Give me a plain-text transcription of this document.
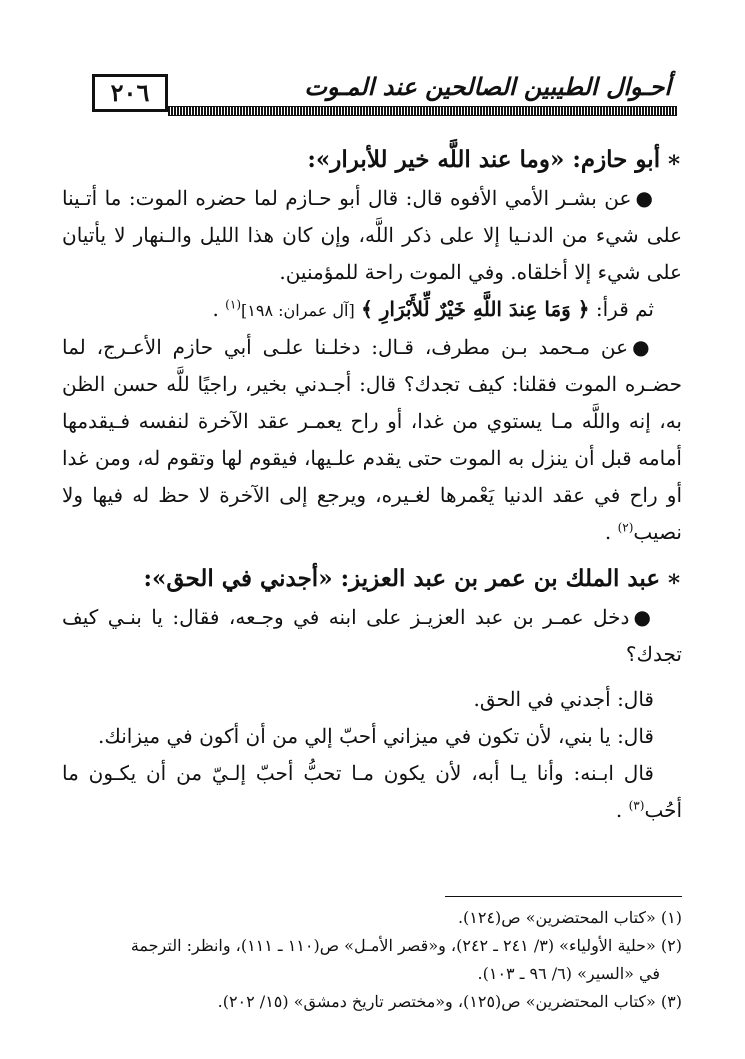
٢٠٦	أحـوال الطيبين الصالحين عند المـوت

∗أبو حازم: «وما عند اللَّه خير للأبرار»:

●عن بشـر الأمي الأفوه قال: قال أبو حـازم لما حضره الموت: ما أتـينا على شيء من الدنـيا إلا على ذكر اللَّه، وإن كان هذا الليل والـنهار لا يأتيان على شيء إلا أخلقاه. وفي الموت راحة للمؤمنين.

ثم قرأ: ﴿ وَمَا عِندَ اللَّهِ خَيْرٌ لِّلأَبْرَارِ ﴾ [آل عمران: ١٩٨]$^{(١)}$ .

●عن مـحمد بـن مطرف، قـال: دخلـنا علـى أبي حازم الأعـرج، لما حضـره الموت فقلنا: كيف تجدك؟ قال: أجـدني بخير، راجيًا للَّه حسن الظن به، إنه واللَّه مـا يستوي من غدا، أو راح يعمـر عقد الآخرة لنفسه فـيقدمها أمامه قبل أن ينزل به الموت حتى يقدم علـيها، فيقوم لها وتقوم له، ومن غدا أو راح في عقد الدنيا يَعْمرها لغـيره، ويرجع إلى الآخرة لا حظ له فيها ولا نصيب$^{(٢)}$ .

∗عبد الملك بن عمر بن عبد العزيز: «أجدني في الحق»:

●دخل عمـر بن عبد العزيـز على ابنه في وجـعه، فقال: يا بنـي كيف تجدك؟

قال: أجدني في الحق.

قال: يا بني، لأن تكون في ميزاني أحبّ إلي من أن أكون في ميزانك.

قال ابـنه: وأنا يـا أبه، لأن يكون مـا تحبُّ أحبّ إلـيّ من أن يكـون ما أحُب$^{(٣)}$ .

(١) «كتاب المحتضرين» ص(١٢٤).

(٢) «حلية الأولياء» (٣/ ٢٤١ ـ ٢٤٢)، و«قصر الأمـل» ص(١١٠ ـ ١١١)، وانظر: الترجمة

في «السير» (٦/ ٩٦ ـ ١٠٣).

(٣) «كتاب المحتضرين» ص(١٢٥)، و«مختصر تاريخ دمشق» (١٥/ ٢٠٢).
